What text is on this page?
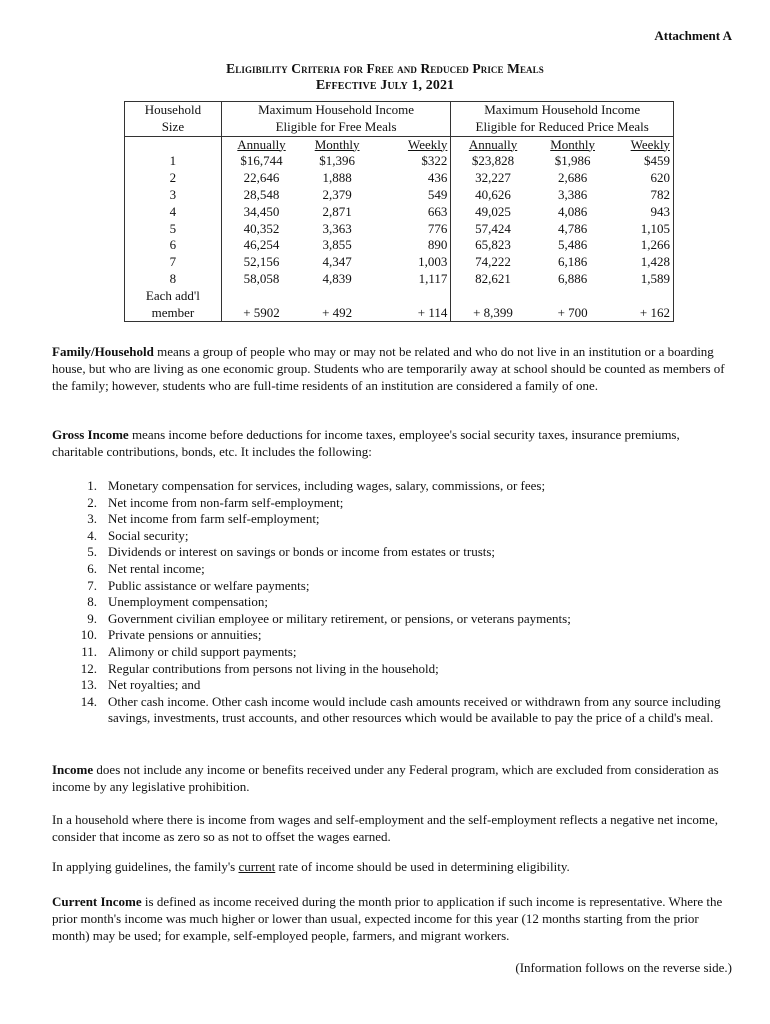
Attachment A
Eligibility Criteria for Free and Reduced Price Meals
Effective July 1, 2021
Household	Maximum Household Income			Maximum Household Income		

Size	Eligible for Free Meals			Eligible for Reduced Price Meals		
	Annually	Monthly	Weekly	Annually	Monthly	Weekly
1	$16,744	$1,396	$322	$23,828	$1,986	$459
2	22,646	1,888	436	32,227	2,686	620
3	28,548	2,379	549	40,626	3,386	782
4	34,450	2,871	663	49,025	4,086	943
5	40,352	3,363	776	57,424	4,786	1,105
6	46,254	3,855	890	65,823	5,486	1,266
7	52,156	4,347	1,003	74,222	6,186	1,428
8	58,058	4,839	1,117	82,621	6,886	1,589
Each add'l						
member	+ 5902	+ 492	+ 114	+ 8,399	+ 700	+ 162
Family/Household means a group of people who may or may not be related and who do not live in an institution or a boarding house, but who are living as one economic group. Students who are temporarily away at school should be counted as members of the family; however, students who are full-time residents of an institution are considered a family of one.
Gross Income means income before deductions for income taxes, employee's social security taxes, insurance premiums, charitable contributions, bonds, etc. It includes the following:
1. Monetary compensation for services, including wages, salary, commissions, or fees;
2. Net income from non-farm self-employment;
3. Net income from farm self-employment;
4. Social security;
5. Dividends or interest on savings or bonds or income from estates or trusts;
6. Net rental income;
7. Public assistance or welfare payments;
8. Unemployment compensation;
9. Government civilian employee or military retirement, or pensions, or veterans payments;
10. Private pensions or annuities;
11. Alimony or child support payments;
12. Regular contributions from persons not living in the household;
13. Net royalties; and
14. Other cash income. Other cash income would include cash amounts received or withdrawn from any source including savings, investments, trust accounts, and other resources which would be available to pay the price of a child's meal.
Income does not include any income or benefits received under any Federal program, which are excluded from consideration as income by any legislative prohibition.
In a household where there is income from wages and self-employment and the self-employment reflects a negative net income, consider that income as zero so as not to offset the wages earned.
In applying guidelines, the family's current rate of income should be used in determining eligibility.
Current Income is defined as income received during the month prior to application if such income is representative. Where the prior month's income was much higher or lower than usual, expected income for this year (12 months starting from the prior month) may be used; for example, self-employed people, farmers, and migrant workers.
(Information follows on the reverse side.)
